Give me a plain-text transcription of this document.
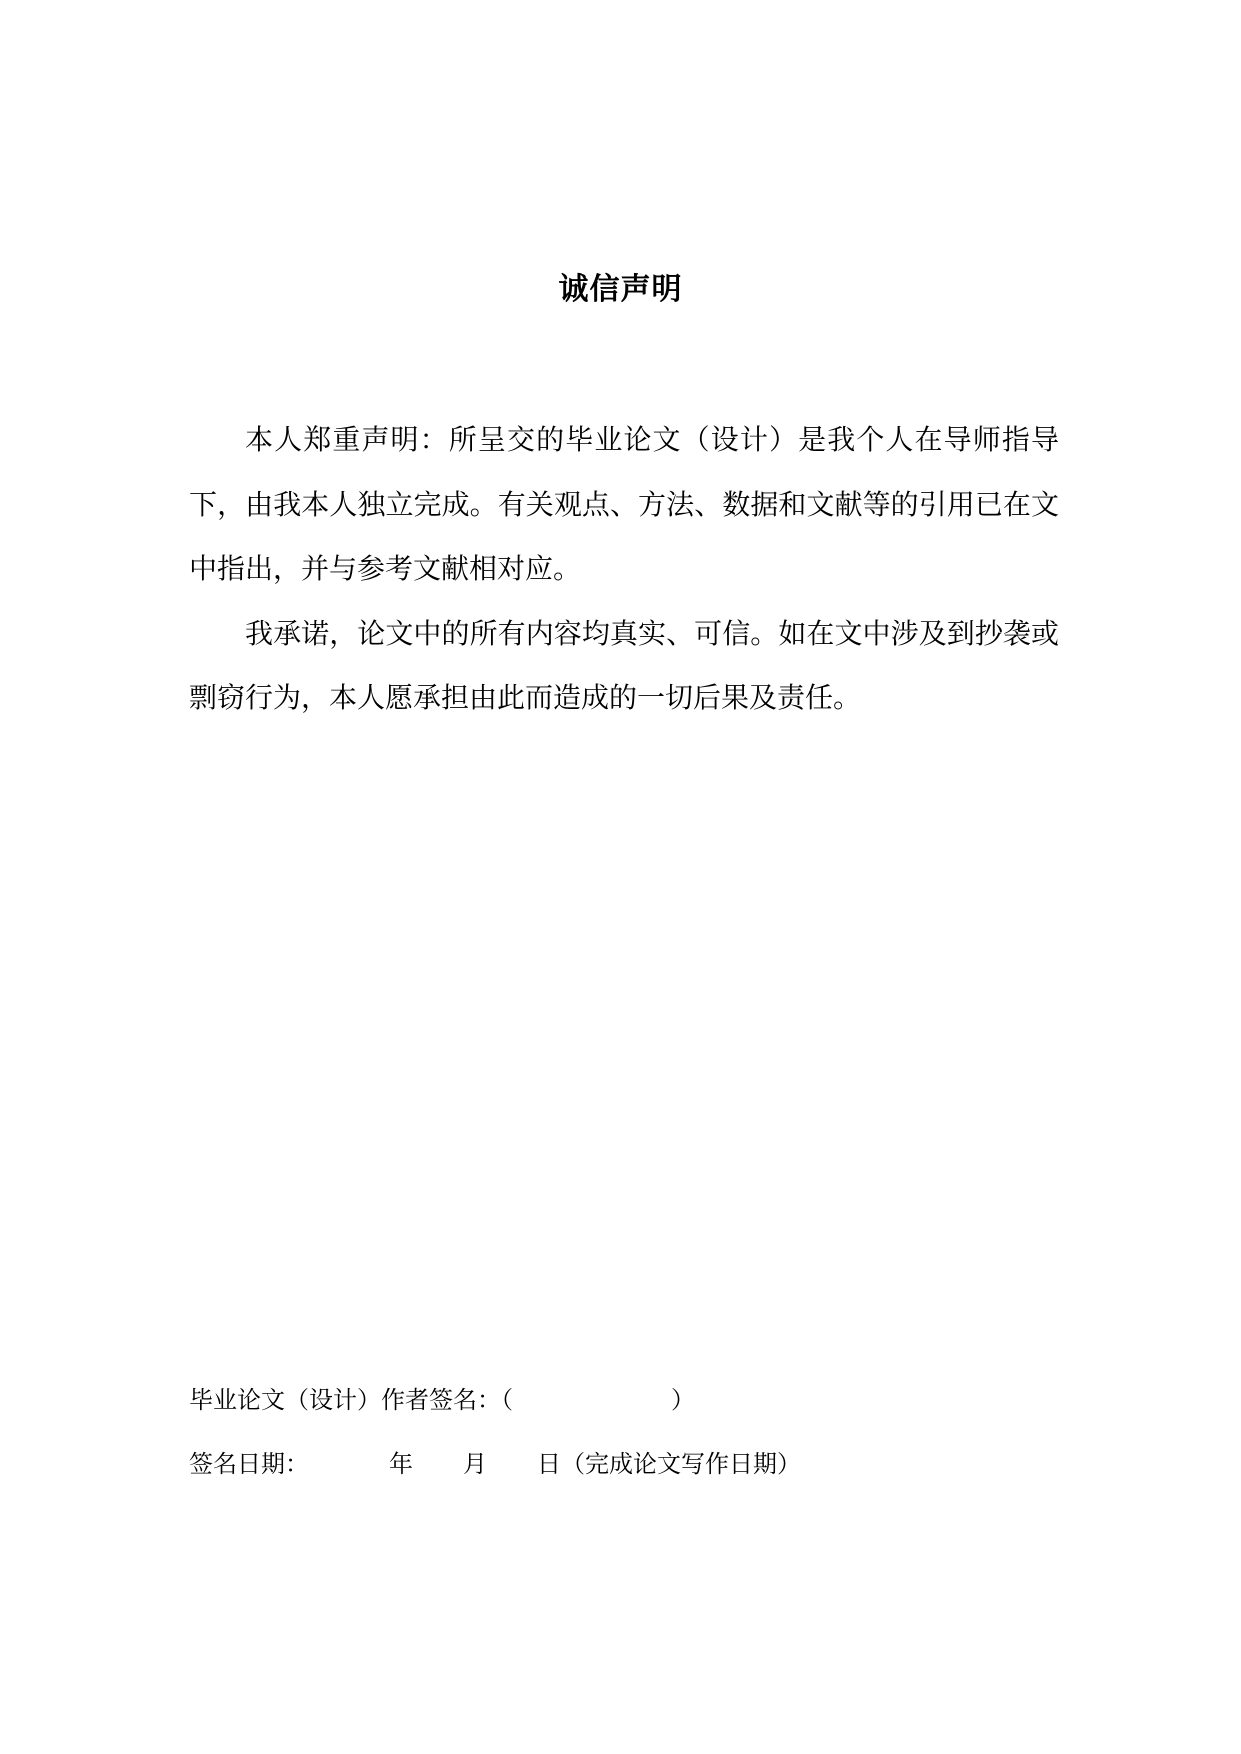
诚信声明

本人郑重声明：所呈交的毕业论文（设计）是我个人在导师指导下，由我本人独立完成。有关观点、方法、数据和文献等的引用已在文中指出，并与参考文献相对应。

我承诺，论文中的所有内容均真实、可信。如在文中涉及到抄袭或剽窃行为，本人愿承担由此而造成的一切后果及责任。

毕业论文（设计）作者签名：（	）
签名日期：	年 月 日（完成论文写作日期）
